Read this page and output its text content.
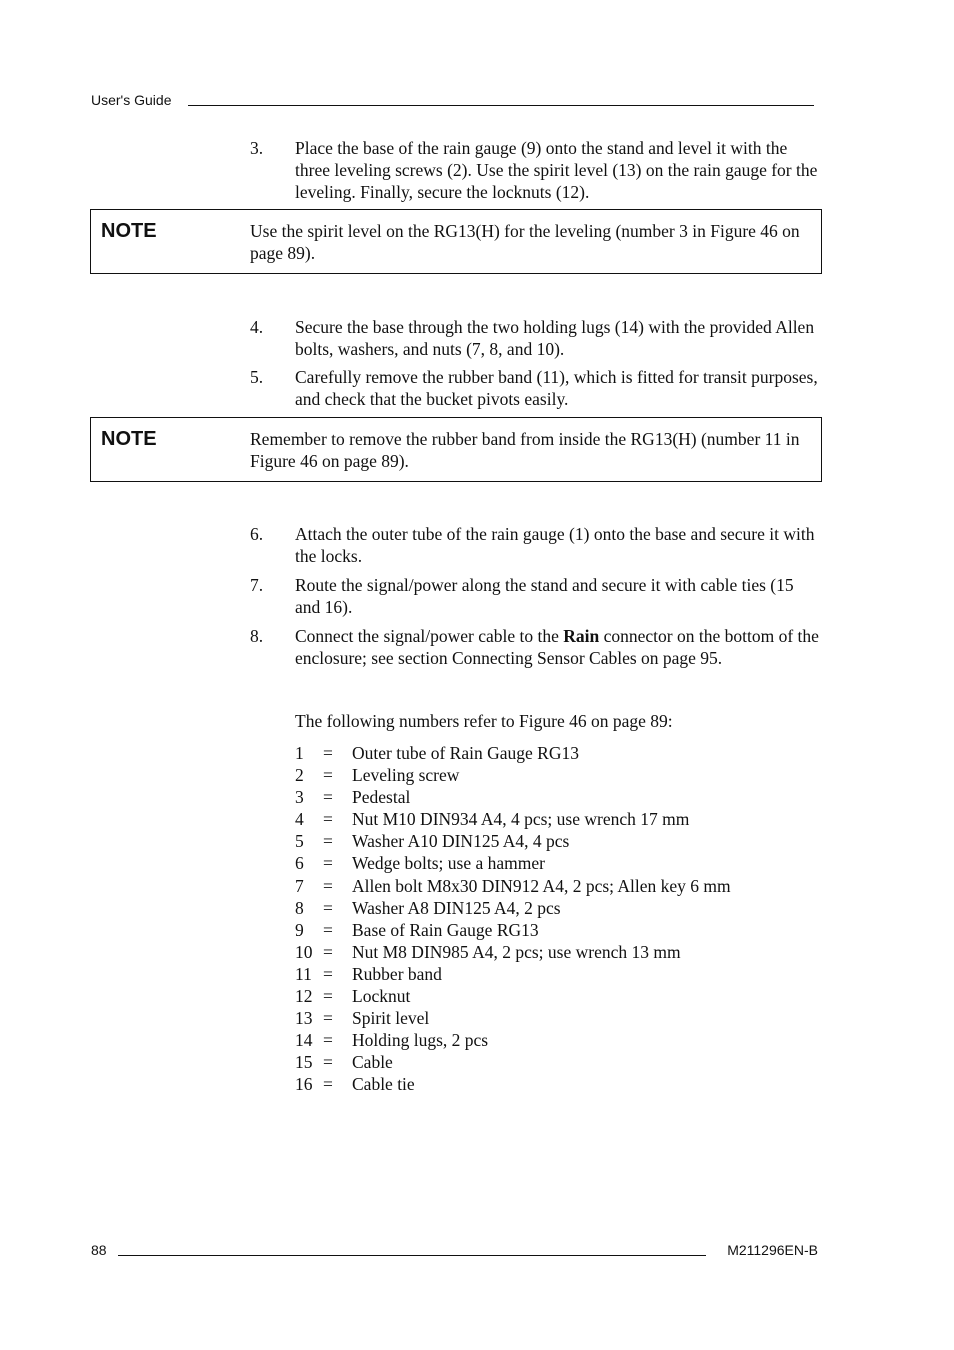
User's Guide
3. Place the base of the rain gauge (9) onto the stand and level it with the three leveling screws (2). Use the spirit level (13) on the rain gauge for the leveling. Finally, secure the locknuts (12).
NOTE	Use the spirit level on the RG13(H) for the leveling (number 3 in Figure 46 on page 89).
4. Secure the base through the two holding lugs (14) with the provided Allen bolts, washers, and nuts (7, 8, and 10).
5. Carefully remove the rubber band (11), which is fitted for transit purposes, and check that the bucket pivots easily.
NOTE	Remember to remove the rubber band from inside the RG13(H) (number 11 in Figure 46 on page 89).
6. Attach the outer tube of the rain gauge (1) onto the base and secure it with the locks.
7. Route the signal/power along the stand and secure it with cable ties (15 and 16).
8. Connect the signal/power cable to the Rain connector on the bottom of the enclosure; see section Connecting Sensor Cables on page 95.
The following numbers refer to Figure 46 on page 89:
1 = Outer tube of Rain Gauge RG13
2 = Leveling screw
3 = Pedestal
4 = Nut M10 DIN934 A4, 4 pcs; use wrench 17 mm
5 = Washer A10 DIN125 A4, 4 pcs
6 = Wedge bolts; use a hammer
7 = Allen bolt M8x30 DIN912 A4, 2 pcs; Allen key 6 mm
8 = Washer A8 DIN125 A4, 2 pcs
9 = Base of Rain Gauge RG13
10 = Nut M8 DIN985 A4, 2 pcs; use wrench 13 mm
11 = Rubber band
12 = Locknut
13 = Spirit level
14 = Holding lugs, 2 pcs
15 = Cable
16 = Cable tie
88	M211296EN-B
